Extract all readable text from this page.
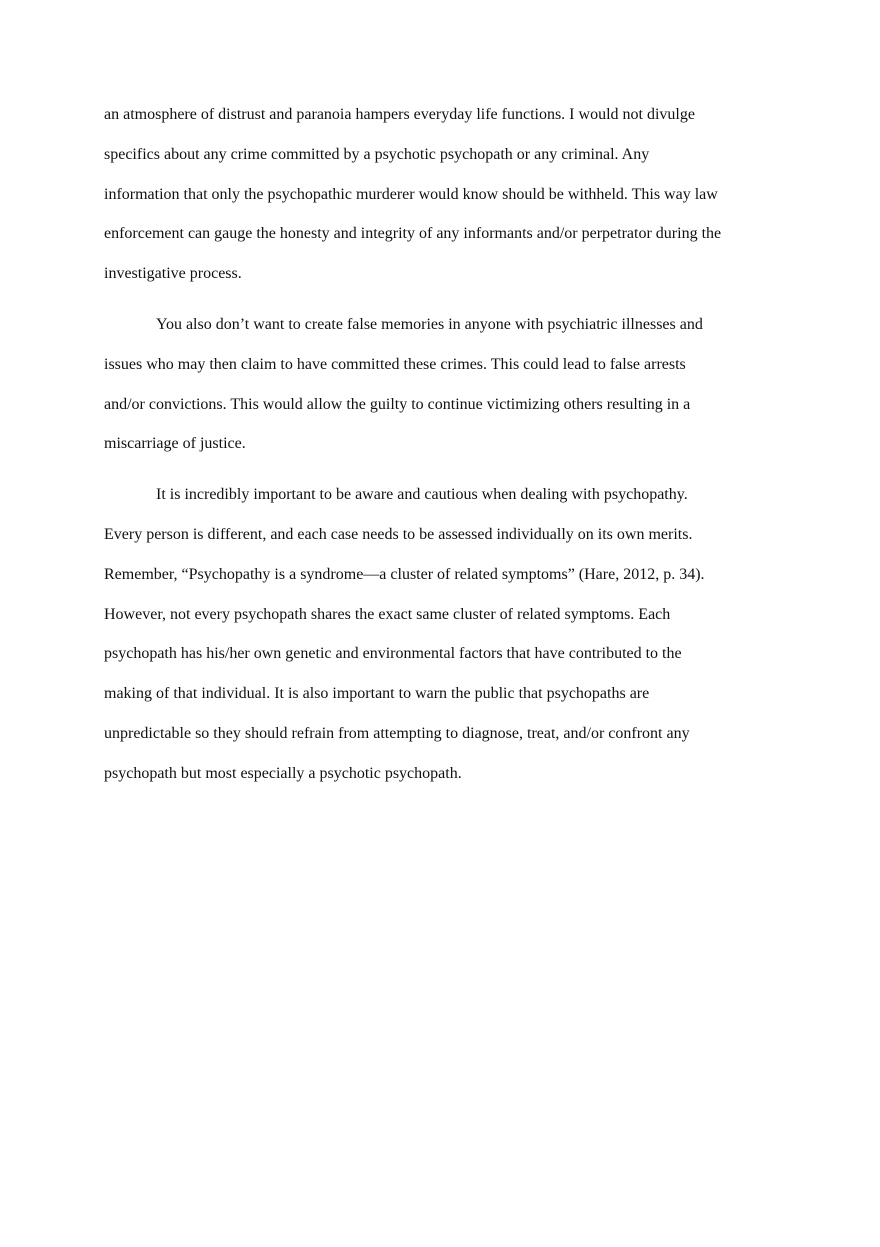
an atmosphere of distrust and paranoia hampers everyday life functions. I would not divulge
specifics about any crime committed by a psychotic psychopath or any criminal. Any
information that only the psychopathic murderer would know should be withheld. This way law
enforcement can gauge the honesty and integrity of any informants and/or perpetrator during the
investigative process.
You also don’t want to create false memories in anyone with psychiatric illnesses and
issues who may then claim to have committed these crimes. This could lead to false arrests
and/or convictions. This would allow the guilty to continue victimizing others resulting in a
miscarriage of justice.
It is incredibly important to be aware and cautious when dealing with psychopathy.
Every person is different, and each case needs to be assessed individually on its own merits.
Remember, “Psychopathy is a syndrome—a cluster of related symptoms” (Hare, 2012, p. 34).
However, not every psychopath shares the exact same cluster of related symptoms. Each
psychopath has his/her own genetic and environmental factors that have contributed to the
making of that individual. It is also important to warn the public that psychopaths are
unpredictable so they should refrain from attempting to diagnose, treat, and/or confront any
psychopath but most especially a psychotic psychopath.
